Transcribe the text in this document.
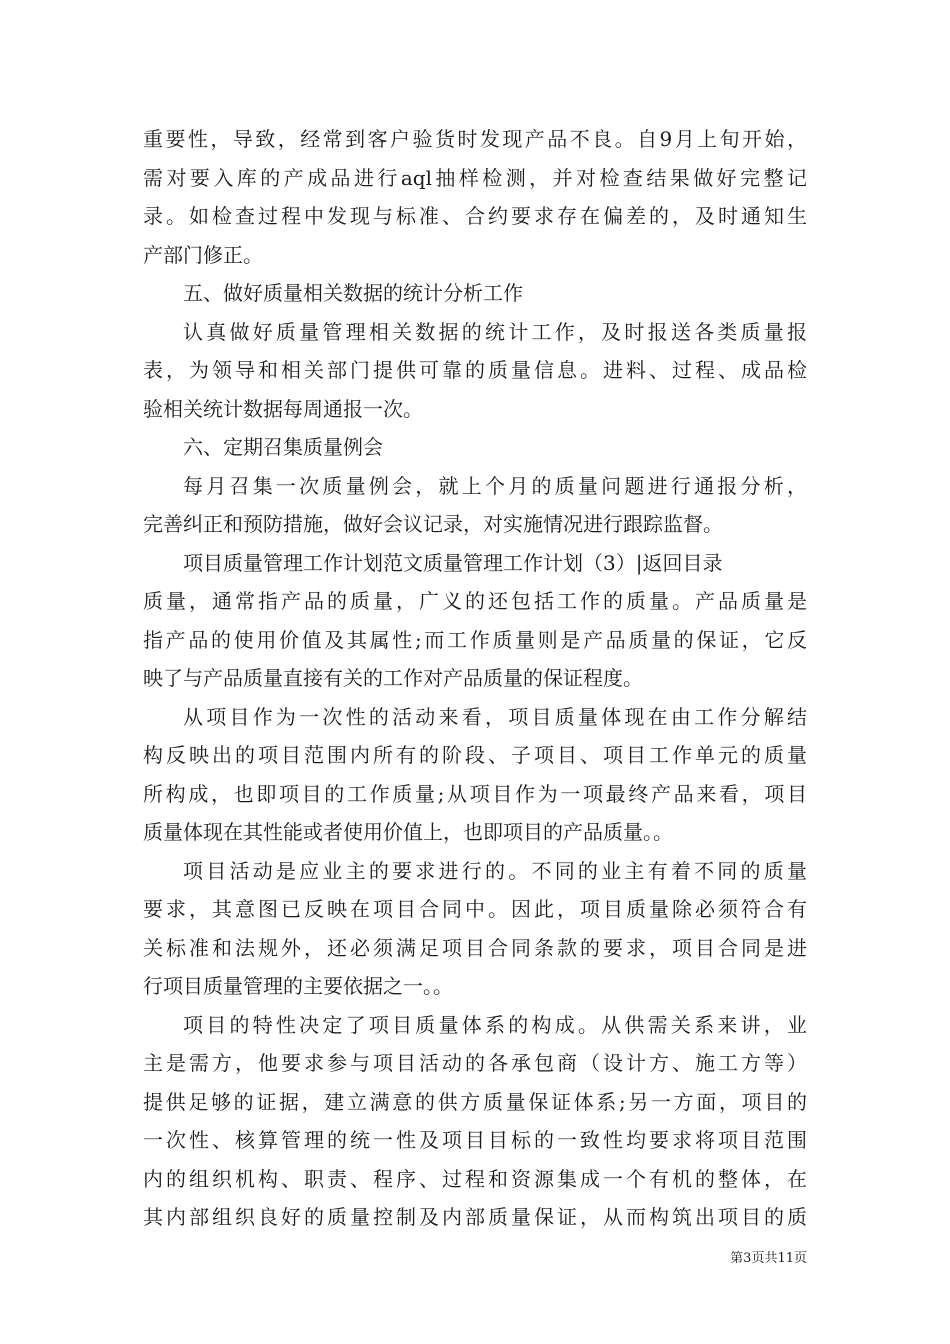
重要性，导致，经常到客户验货时发现产品不良。自9月上旬开始，
需对要入库的产成品进行aql抽样检测，并对检查结果做好完整记
录。如检查过程中发现与标准、合约要求存在偏差的，及时通知生
产部门修正。
五、做好质量相关数据的统计分析工作
认真做好质量管理相关数据的统计工作，及时报送各类质量报
表，为领导和相关部门提供可靠的质量信息。进料、过程、成品检
验相关统计数据每周通报一次。
六、定期召集质量例会
每月召集一次质量例会，就上个月的质量问题进行通报分析，
完善纠正和预防措施，做好会议记录，对实施情况进行跟踪监督。
项目质量管理工作计划范文质量管理工作计划（3）|返回目录
质量，通常指产品的质量，广义的还包括工作的质量。产品质量是
指产品的使用价值及其属性;而工作质量则是产品质量的保证，它反
映了与产品质量直接有关的工作对产品质量的保证程度。
从项目作为一次性的活动来看，项目质量体现在由工作分解结
构反映出的项目范围内所有的阶段、子项目、项目工作单元的质量
所构成，也即项目的工作质量;从项目作为一项最终产品来看，项目
质量体现在其性能或者使用价值上，也即项目的产品质量。。
项目活动是应业主的要求进行的。不同的业主有着不同的质量
要求，其意图已反映在项目合同中。因此，项目质量除必须符合有
关标准和法规外，还必须满足项目合同条款的要求，项目合同是进
行项目质量管理的主要依据之一。。
项目的特性决定了项目质量体系的构成。从供需关系来讲，业
主是需方，他要求参与项目活动的各承包商（设计方、施工方等）
提供足够的证据，建立满意的供方质量保证体系;另一方面，项目的
一次性、核算管理的统一性及项目目标的一致性均要求将项目范围
内的组织机构、职责、程序、过程和资源集成一个有机的整体，在
其内部组织良好的质量控制及内部质量保证，从而构筑出项目的质
第3页共11页
